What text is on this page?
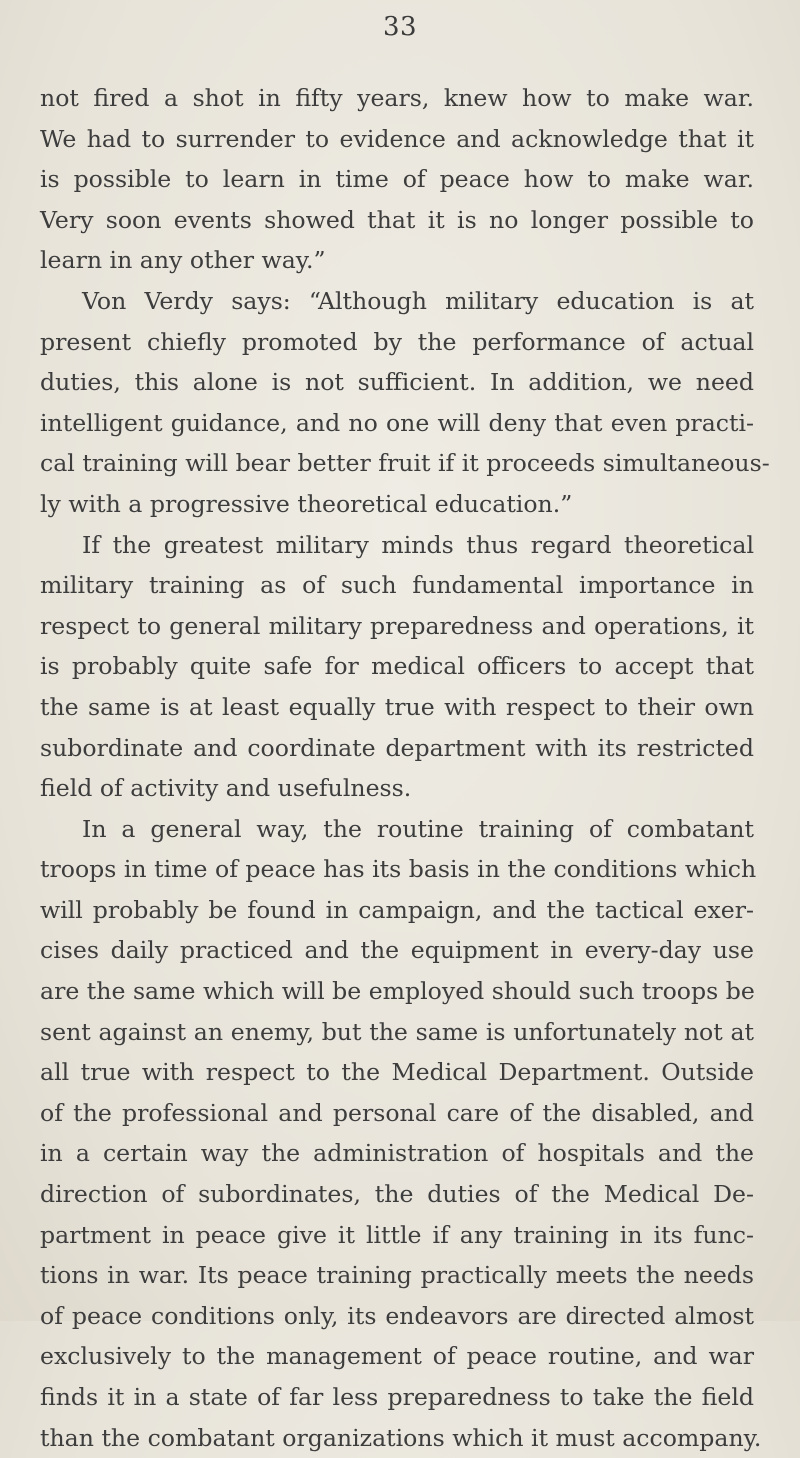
33
not fired a shot in fifty years, knew how to make war.
We had to surrender to evidence and acknowledge that it
is possible to learn in time of peace how to make war.
Very soon events showed that it is no longer possible to
learn in any other way.”
Von Verdy says: “Although military education is at
present chiefly promoted by the performance of actual
duties, this alone is not sufficient. In addition, we need
intelligent guidance, and no one will deny that even practi-
cal training will bear better fruit if it proceeds simultaneous-
ly with a progressive theoretical education.”
If the greatest military minds thus regard theoretical
military training as of such fundamental importance in
respect to general military preparedness and operations, it
is probably quite safe for medical officers to accept that
the same is at least equally true with respect to their own
subordinate and coordinate department with its restricted
field of activity and usefulness.
In a general way, the routine training of combatant
troops in time of peace has its basis in the conditions which
will probably be found in campaign, and the tactical exer-
cises daily practiced and the equipment in every-day use
are the same which will be employed should such troops be
sent against an enemy, but the same is unfortunately not at
all true with respect to the Medical Department. Outside
of the professional and personal care of the disabled, and
in a certain way the administration of hospitals and the
direction of subordinates, the duties of the Medical De-
partment in peace give it little if any training in its func-
tions in war. Its peace training practically meets the needs
of peace conditions only, its endeavors are directed almost
exclusively to the management of peace routine, and war
finds it in a state of far less preparedness to take the field
than the combatant organizations which it must accompany.
